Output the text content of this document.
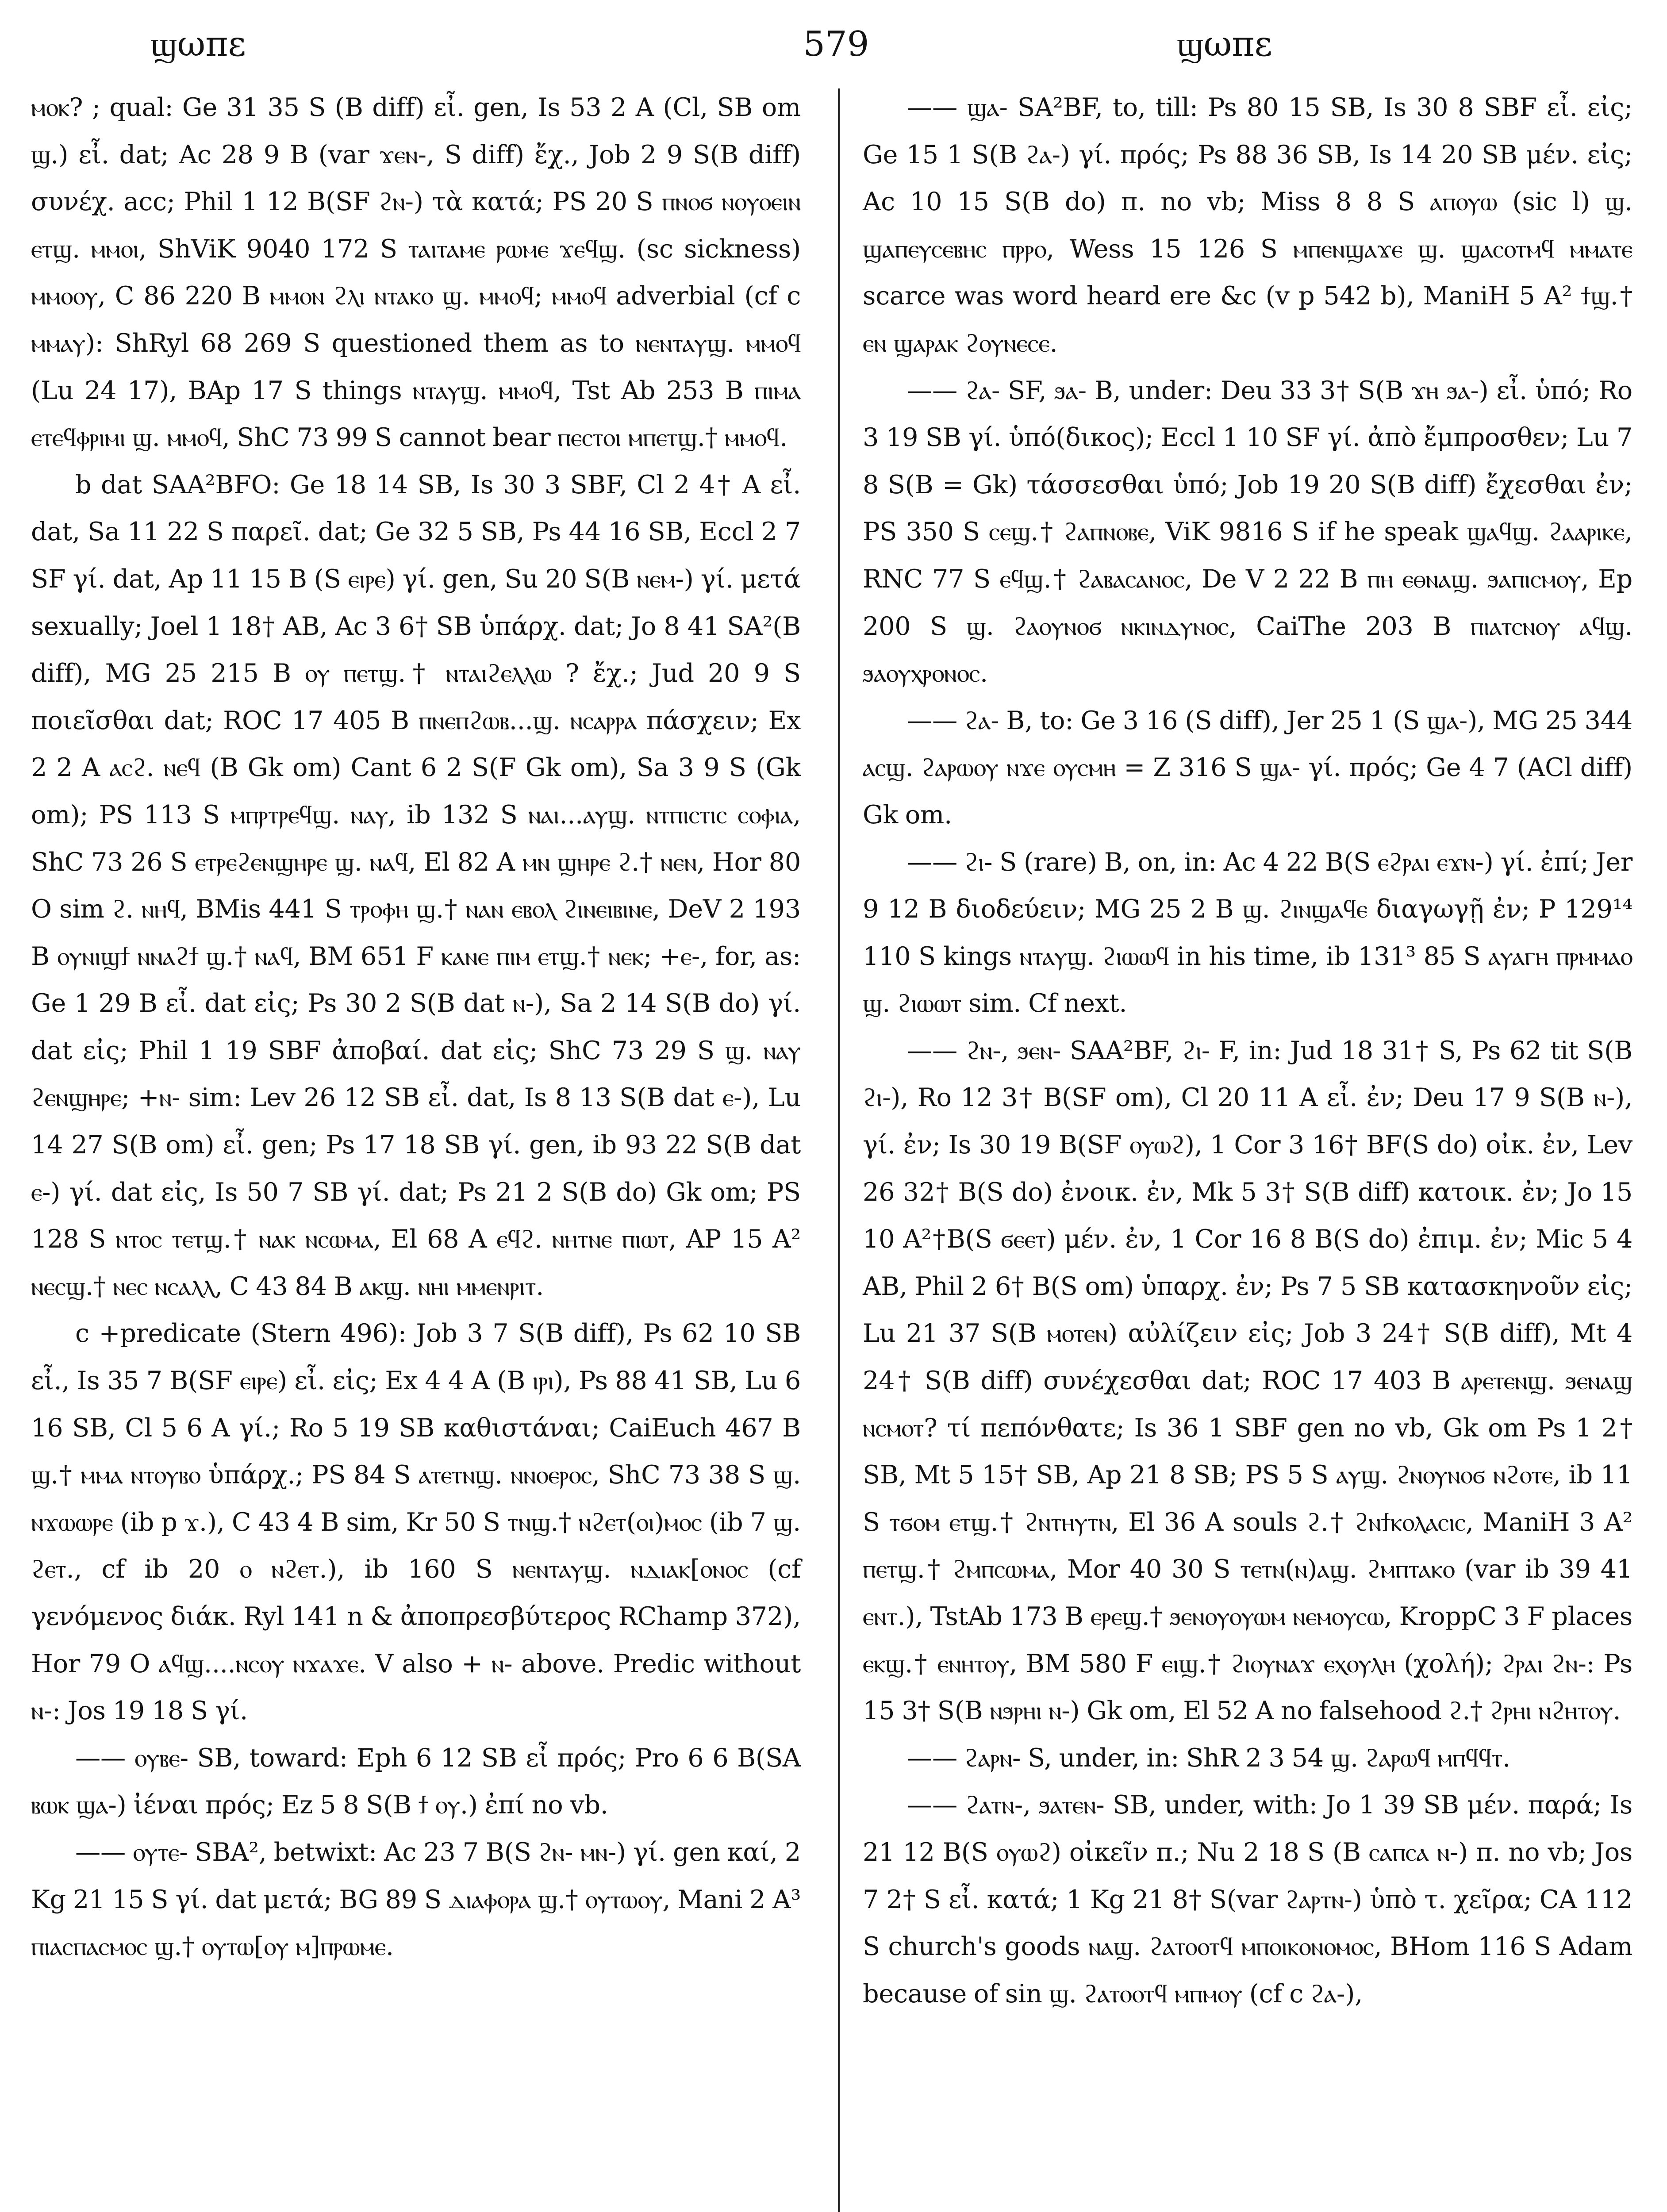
ϣωπε	579	ϣωπε

ⲙⲟⲕ? ; qual: Ge 31 35 S (B diff) εἶ. gen, Is 53 2 A (Cl, SB om ϣ.) εἶ. dat; Ac 28 9 B (var ϫⲉⲛ-, S diff) ἔχ., Job 2 9 S(B diff) συνέχ. acc; Phil 1 12 B(SF ϩⲛ-) τὰ κατά; PS 20 S ⲡⲛⲟϭ ⲛⲟⲩⲟⲉⲓⲛ ⲉⲧϣ. ⲙⲙⲟⲓ, ShViK 9040 172 S ⲧⲁⲓⲧⲁⲙⲉ ⲣⲱⲙⲉ ϫⲉϥϣ. (sc sickness) ⲙⲙⲟⲟⲩ, C 86 220 B ⲙⲙⲟⲛ ϩⲗⲓ ⲛⲧⲁⲕⲟ ϣ. ⲙⲙⲟϥ; ⲙⲙⲟϥ adverbial (cf c ⲙⲙⲁⲩ): ShRyl 68 269 S questioned them as to ⲛⲉⲛⲧⲁⲩϣ. ⲙⲙⲟϥ (Lu 24 17), BAp 17 S things ⲛⲧⲁⲩϣ. ⲙⲙⲟϥ, Tst Ab 253 B ⲡⲓⲙⲁ ⲉⲧⲉϥⲫⲣⲓⲙⲓ ϣ. ⲙⲙⲟϥ, ShC 73 99 S cannot bear ⲡⲉⲥⲧⲟⲓ ⲙⲡⲉⲧϣ.† ⲙⲙⲟϥ.

b dat SAA²BFO: Ge 18 14 SB, Is 30 3 SBF, Cl 2 4† A εἶ. dat, Sa 11 22 S παρεῖ. dat; Ge 32 5 SB, Ps 44 16 SB, Eccl 2 7 SF γί. dat, Ap 11 15 B (S ⲉⲓⲣⲉ) γί. gen, Su 20 S(B ⲛⲉⲙ-) γί. μετά sexually; Joel 1 18† AB, Ac 3 6† SB ὑπάρχ. dat; Jo 8 41 SA²(B diff), MG 25 215 B ⲟⲩ ⲡⲉⲧϣ.† ⲛⲧⲁⲓϩⲉⲗⲗⲱ ? ἔχ.; Jud 20 9 S ποιεῖσθαι dat; ROC 17 405 B ⲡⲛⲉⲡϩⲱⲃ...ϣ. ⲛⲥⲁⲣⲣⲁ πάσχειν; Ex 2 2 A ⲁⲥϩ. ⲛⲉϥ (B Gk om) Cant 6 2 S(F Gk om), Sa 3 9 S (Gk om); PS 113 S ⲙⲡⲣⲧⲣⲉϥϣ. ⲛⲁⲩ, ib 132 S ⲛⲁⲓ...ⲁⲩϣ. ⲛⲧⲡⲓⲥⲧⲓⲥ ⲥⲟⲫⲓⲁ, ShC 73 26 S ⲉⲧⲣⲉϩⲉⲛϣⲏⲣⲉ ϣ. ⲛⲁϥ, El 82 A ⲙⲛ ϣⲏⲣⲉ ϩ.† ⲛⲉⲛ, Hor 80 O sim ϩ. ⲛⲏϥ, BMis 441 S ⲧⲣⲟⲫⲏ ϣ.† ⲛⲁⲛ ⲉⲃⲟⲗ ϩⲓⲛⲉⲓⲃⲓⲛⲉ, DeV 2 193 B ⲟⲩⲛⲓϣϯ ⲛⲛⲁϩϯ ϣ.† ⲛⲁϥ, BM 651 F ⲕⲁⲛⲉ ⲡⲓⲙ ⲉⲧϣ.† ⲛⲉⲕ; +ⲉ-, for, as: Ge 1 29 B εἶ. dat εἰς; Ps 30 2 S(B dat ⲛ-), Sa 2 14 S(B do) γί. dat εἰς; Phil 1 19 SBF ἀποβαί. dat εἰς; ShC 73 29 S ϣ. ⲛⲁⲩ ϩⲉⲛϣⲏⲣⲉ; +ⲛ- sim: Lev 26 12 SB εἶ. dat, Is 8 13 S(B dat ⲉ-), Lu 14 27 S(B om) εἶ. gen; Ps 17 18 SB γί. gen, ib 93 22 S(B dat ⲉ-) γί. dat εἰς, Is 50 7 SB γί. dat; Ps 21 2 S(B do) Gk om; PS 128 S ⲛⲧⲟⲥ ⲧⲉⲧϣ.† ⲛⲁⲕ ⲛⲥⲱⲙⲁ, El 68 A ⲉϥϩ. ⲛⲏⲧⲛⲉ ⲡⲓⲱⲧ, AP 15 A² ⲛⲉⲥϣ.† ⲛⲉⲥ ⲛⲥⲁⲗⲗ, C 43 84 B ⲁⲕϣ. ⲛⲏⲓ ⲙⲙⲉⲛⲣⲓⲧ.

c +predicate (Stern 496): Job 3 7 S(B diff), Ps 62 10 SB εἶ., Is 35 7 B(SF ⲉⲓⲣⲉ) εἶ. εἰς; Ex 4 4 A (B ⲓⲣⲓ), Ps 88 41 SB, Lu 6 16 SB, Cl 5 6 A γί.; Ro 5 19 SB καθιστάναι; CaiEuch 467 B ϣ.† ⲙⲙⲁ ⲛⲧⲟⲩⲃⲟ ὑπάρχ.; PS 84 S ⲁⲧⲉⲧⲛϣ. ⲛⲛⲟⲉⲣⲟⲥ, ShC 73 38 S ϣ. ⲛϫⲱⲱⲣⲉ (ib p ϫ.), C 43 4 B sim, Kr 50 S ⲧⲛϣ.† ⲛϩⲉⲧ(ⲟⲓ)ⲙⲟⲥ (ib 7 ϣ. ϩⲉⲧ., cf ib 20 ⲟ ⲛϩⲉⲧ.), ib 160 S ⲛⲉⲛⲧⲁⲩϣ. ⲛⲇⲓⲁⲕ[ⲟⲛⲟⲥ (cf γενόμενος διάκ. Ryl 141 n & ἀποπρεσβύτερος RChamp 372), Hor 79 O ⲁϥϣ....ⲛⲥⲟⲩ ⲛϫⲁϫⲉ. V also + ⲛ- above. Predic without ⲛ-: Jos 19 18 S γί.

—— ⲟⲩⲃⲉ- SB, toward: Eph 6 12 SB εἶ πρός; Pro 6 6 B(SA ⲃⲱⲕ ϣⲁ-) ἰέναι πρός; Ez 5 8 S(B ϯ ⲟⲩ.) ἐπί no vb.

—— ⲟⲩⲧⲉ- SBA², betwixt: Ac 23 7 B(S ϩⲛ- ⲙⲛ-) γί. gen καί, 2 Kg 21 15 S γί. dat μετά; BG 89 S ⲇⲓⲁⲫⲟⲣⲁ ϣ.† ⲟⲩⲧⲱⲟⲩ, Mani 2 A³ ⲡⲓⲁⲥⲡⲁⲥⲙⲟⲥ ϣ.† ⲟⲩⲧⲱ[ⲟⲩ ⲙ]ⲡⲣⲱⲙⲉ.

—— ϣⲁ- SA²BF, to, till: Ps 80 15 SB, Is 30 8 SBF εἶ. εἰς; Ge 15 1 S(B ϩⲁ-) γί. πρός; Ps 88 36 SB, Is 14 20 SB μέν. εἰς; Ac 10 15 S(B do) π. no vb; Miss 8 8 S ⲁⲡⲟⲩⲱ (sic l) ϣ. ϣⲁⲡⲉⲩⲥⲉⲃⲏⲥ ⲡⲣⲣⲟ, Wess 15 126 S ⲙⲡⲉⲛϣⲁϫⲉ ϣ. ϣⲁⲥⲟⲧⲙϥ ⲙⲙⲁⲧⲉ scarce was word heard ere &c (v p 542 b), ManiH 5 A² ϯϣ.† ⲉⲛ ϣⲁⲣⲁⲕ ϩⲟⲩⲛⲉⲥⲉ.

—— ϩⲁ- SF, ϧⲁ- B, under: Deu 33 3† S(B ϫⲏ ϧⲁ-) εἶ. ὑπό; Ro 3 19 SB γί. ὑπό(δικος); Eccl 1 10 SF γί. ἀπὸ ἔμπροσθεν; Lu 7 8 S(B = Gk) τάσσεσθαι ὑπό; Job 19 20 S(B diff) ἔχεσθαι ἐν; PS 350 S ⲥⲉϣ.† ϩⲁⲡⲛⲟⲃⲉ, ViK 9816 S if he speak ϣⲁϥϣ. ϩⲁⲁⲣⲓⲕⲉ, RNC 77 S ⲉϥϣ.† ϩⲁⲃⲁⲥⲁⲛⲟⲥ, De V 2 22 B ⲡⲏ ⲉⲑⲛⲁϣ. ϧⲁⲡⲓⲥⲙⲟⲩ, Ep 200 S ϣ. ϩⲁⲟⲩⲛⲟϭ ⲛⲕⲓⲛⲇⲩⲛⲟⲥ, CaiThe 203 B ⲡⲓⲁⲧⲥⲛⲟⲩ ⲁϥϣ. ϧⲁⲟⲩⲭⲣⲟⲛⲟⲥ.

—— ϩⲁ- B, to: Ge 3 16 (S diff), Jer 25 1 (S ϣⲁ-), MG 25 344 ⲁⲥϣ. ϩⲁⲣⲱⲟⲩ ⲛϫⲉ ⲟⲩⲥⲙⲏ = Z 316 S ϣⲁ- γί. πρός; Ge 4 7 (ACl diff) Gk om.

—— ϩⲓ- S (rare) B, on, in: Ac 4 22 B(S ⲉϩⲣⲁⲓ ⲉϫⲛ-) γί. ἐπί; Jer 9 12 B διοδεύειν; MG 25 2 B ϣ. ϩⲓⲛϣⲁϥⲉ διαγωγῇ ἐν; P 129¹⁴ 110 S kings ⲛⲧⲁⲩϣ. ϩⲓⲱⲱϥ in his time, ib 131³ 85 S ⲁⲩⲁⲅⲏ ⲡⲣⲙⲙⲁⲟ ϣ. ϩⲓⲱⲱⲧ sim. Cf next.

—— ϩⲛ-, ϧⲉⲛ- SAA²BF, ϩⲓ- F, in: Jud 18 31† S, Ps 62 tit S(B ϩⲓ-), Ro 12 3† B(SF om), Cl 20 11 A εἶ. ἐν; Deu 17 9 S(B ⲛ-), γί. ἐν; Is 30 19 B(SF ⲟⲩⲱϩ), 1 Cor 3 16† BF(S do) οἰκ. ἐν, Lev 26 32† B(S do) ἐνοικ. ἐν, Mk 5 3† S(B diff) κατοικ. ἐν; Jo 15 10 A²†B(S ϭⲉⲉⲧ) μέν. ἐν, 1 Cor 16 8 B(S do) ἐπιμ. ἐν; Mic 5 4 AB, Phil 2 6† B(S om) ὑπαρχ. ἐν; Ps 7 5 SB κατασκηνοῦν εἰς; Lu 21 37 S(B ⲙⲟⲧⲉⲛ) αὐλίζειν εἰς; Job 3 24† S(B diff), Mt 4 24† S(B diff) συνέχεσθαι dat; ROC 17 403 B ⲁⲣⲉⲧⲉⲛϣ. ϧⲉⲛⲁϣ ⲛⲥⲙⲟⲧ? τί πεπόνθατε; Is 36 1 SBF gen no vb, Gk om Ps 1 2† SB, Mt 5 15† SB, Ap 21 8 SB; PS 5 S ⲁⲩϣ. ϩⲛⲟⲩⲛⲟϭ ⲛϩⲟⲧⲉ, ib 11 S ⲧϭⲟⲙ ⲉⲧϣ.† ϩⲛⲧⲏⲩⲧⲛ, El 36 A souls ϩ.† ϩⲛϯⲕⲟⲗⲁⲥⲓⲥ, ManiH 3 A² ⲡⲉⲧϣ.† ϩⲙⲡⲥⲱⲙⲁ, Mor 40 30 S ⲧⲉⲧⲛ(ⲛ)ⲁϣ. ϩⲙⲡⲧⲁⲕⲟ (var ib 39 41 ⲉⲛⲧ.), TstAb 173 B ⲉⲣⲉϣ.† ϧⲉⲛⲟⲩⲟⲩⲱⲙ ⲛⲉⲙⲟⲩⲥⲱ, KroppC 3 F places ⲉⲕϣ.† ⲉⲛⲏⲧⲟⲩ, BM 580 F ⲉⲓϣ.† ϩⲓⲟⲩⲛⲁϫ ⲉⲭⲟⲩⲗⲏ (χολή); ϩⲣⲁⲓ ϩⲛ-: Ps 15 3† S(B ⲛϧⲣⲏⲓ ⲛ-) Gk om, El 52 A no falsehood ϩ.† ϩⲣⲏⲓ ⲛϩⲏⲧⲟⲩ.

—— ϩⲁⲣⲛ- S, under, in: ShR 2 3 54 ϣ. ϩⲁⲣⲱϥ ⲙⲡϥϥⲧ.

—— ϩⲁⲧⲛ-, ϧⲁⲧⲉⲛ- SB, under, with: Jo 1 39 SB μέν. παρά; Is 21 12 B(S ⲟⲩⲱϩ) οἰκεῖν π.; Nu 2 18 S (B ⲥⲁⲡⲥⲁ ⲛ-) π. no vb; Jos 7 2† S εἶ. κατά; 1 Kg 21 8† S(var ϩⲁⲣⲧⲛ-) ὑπὸ τ. χεῖρα; CA 112 S church's goods ⲛⲁϣ. ϩⲁⲧⲟⲟⲧϥ ⲙⲡⲟⲓⲕⲟⲛⲟⲙⲟⲥ, BHom 116 S Adam because of sin ϣ. ϩⲁⲧⲟⲟⲧϥ ⲙⲡⲙⲟⲩ (cf c ϩⲁ-),
